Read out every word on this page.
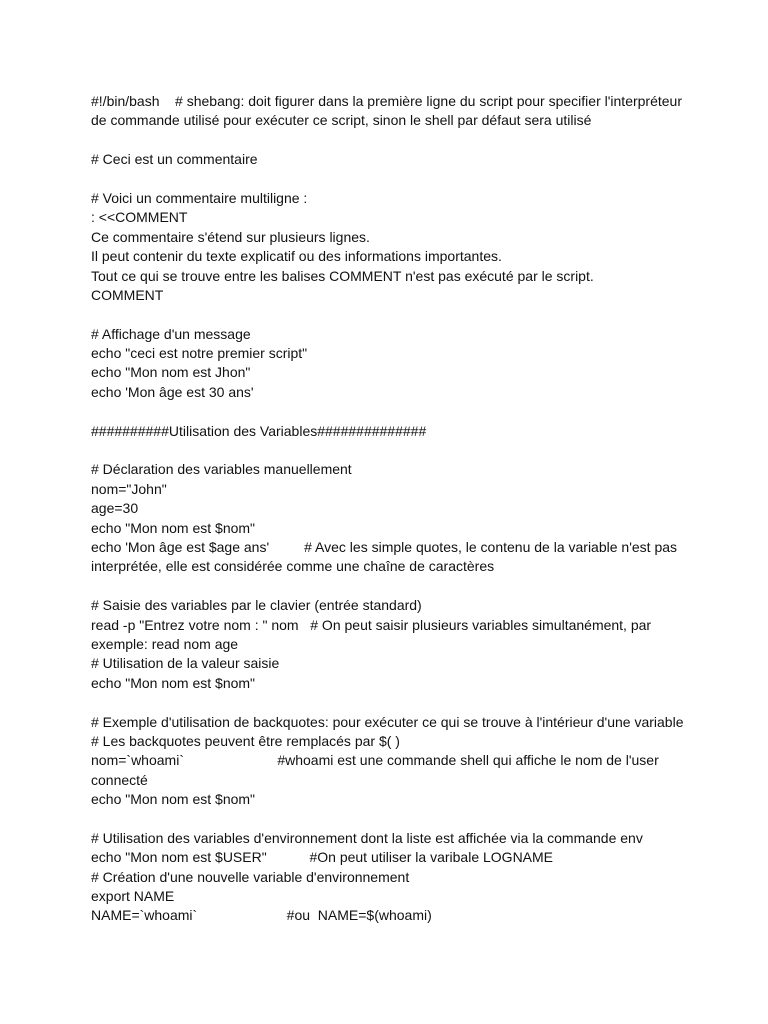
#!/bin/bash    # shebang: doit figurer dans la première ligne du script pour specifier l'interpréteur
de commande utilisé pour exécuter ce script, sinon le shell par défaut sera utilisé
# Ceci est un commentaire
# Voici un commentaire multiligne :
: <<COMMENT
Ce commentaire s'étend sur plusieurs lignes.
Il peut contenir du texte explicatif ou des informations importantes.
Tout ce qui se trouve entre les balises COMMENT n'est pas exécuté par le script.
COMMENT
# Affichage d'un message
echo "ceci est notre premier script"
echo "Mon nom est Jhon"
echo 'Mon âge est 30 ans'
##########Utilisation des Variables##############
# Déclaration des variables manuellement
nom="John"
age=30
echo "Mon nom est $nom"
echo 'Mon âge est $age ans'         # Avec les simple quotes, le contenu de la variable n'est pas
interprétée, elle est considérée comme une chaîne de caractères
# Saisie des variables par le clavier (entrée standard)
read -p "Entrez votre nom : " nom   # On peut saisir plusieurs variables simultanément, par
exemple: read nom age
# Utilisation de la valeur saisie
echo "Mon nom est $nom"
# Exemple d'utilisation de backquotes: pour exécuter ce qui se trouve à l'intérieur d'une variable
# Les backquotes peuvent être remplacés par $( )
nom=`whoami`                        #whoami est une commande shell qui affiche le nom de l'user
connecté
echo "Mon nom est $nom"
# Utilisation des variables d'environnement dont la liste est affichée via la commande env
echo "Mon nom est $USER"           #On peut utiliser la varibale LOGNAME
# Création d'une nouvelle variable d'environnement
export NAME
NAME=`whoami`                       #ou  NAME=$(whoami)
